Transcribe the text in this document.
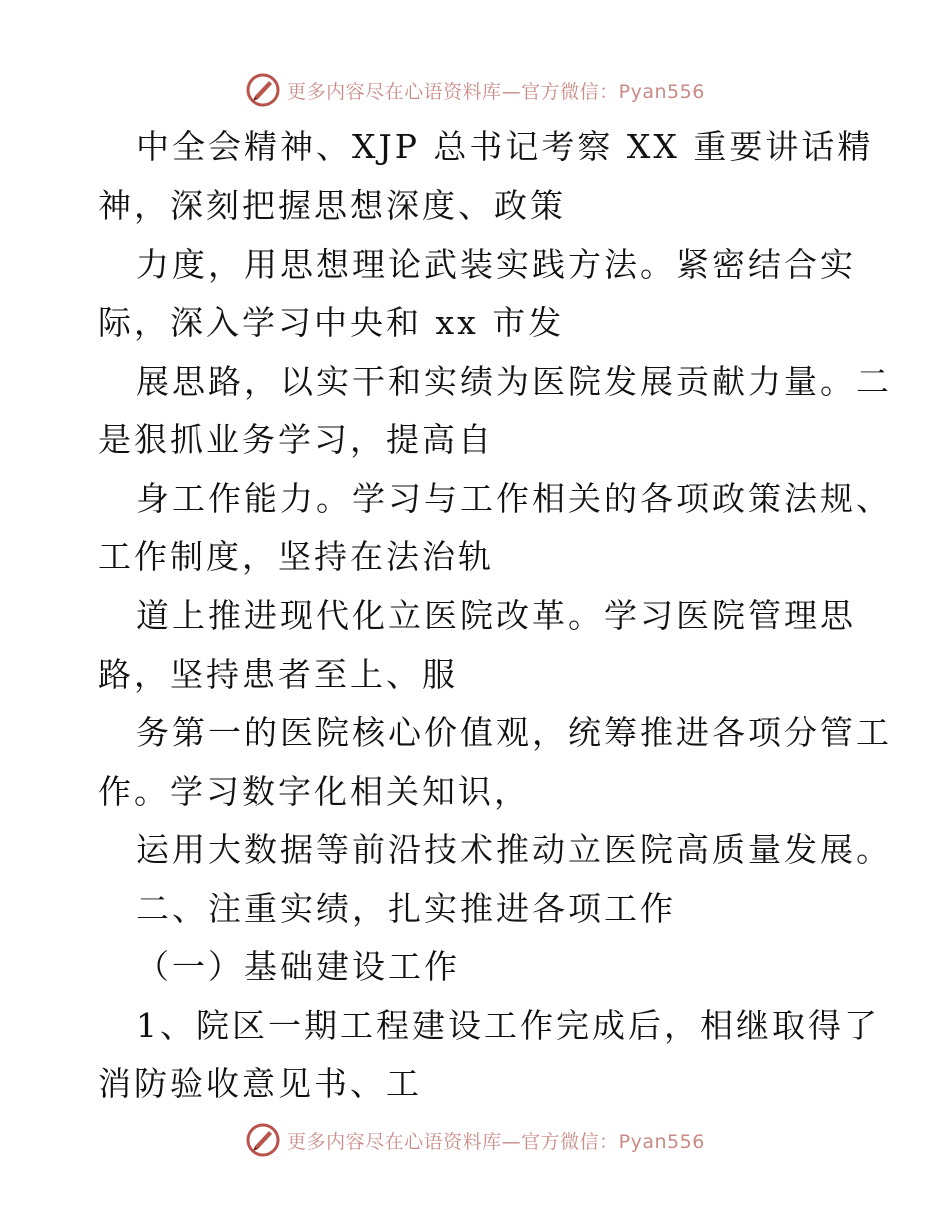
更多内容尽在心语资料库—官方微信：Pyan556
中全会精神、XJP 总书记考察 XX 重要讲话精
神，深刻把握思想深度、政策
力度，用思想理论武装实践方法。紧密结合实
际，深入学习中央和 xx 市发
展思路，以实干和实绩为医院发展贡献力量。二
是狠抓业务学习，提高自
身工作能力。学习与工作相关的各项政策法规、
工作制度，坚持在法治轨
道上推进现代化立医院改革。学习医院管理思
路，坚持患者至上、服
务第一的医院核心价值观，统筹推进各项分管工
作。学习数字化相关知识，
运用大数据等前沿技术推动立医院高质量发展。
二、注重实绩，扎实推进各项工作
（一）基础建设工作
1、院区一期工程建设工作完成后，相继取得了
消防验收意见书、工
更多内容尽在心语资料库—官方微信：Pyan556
